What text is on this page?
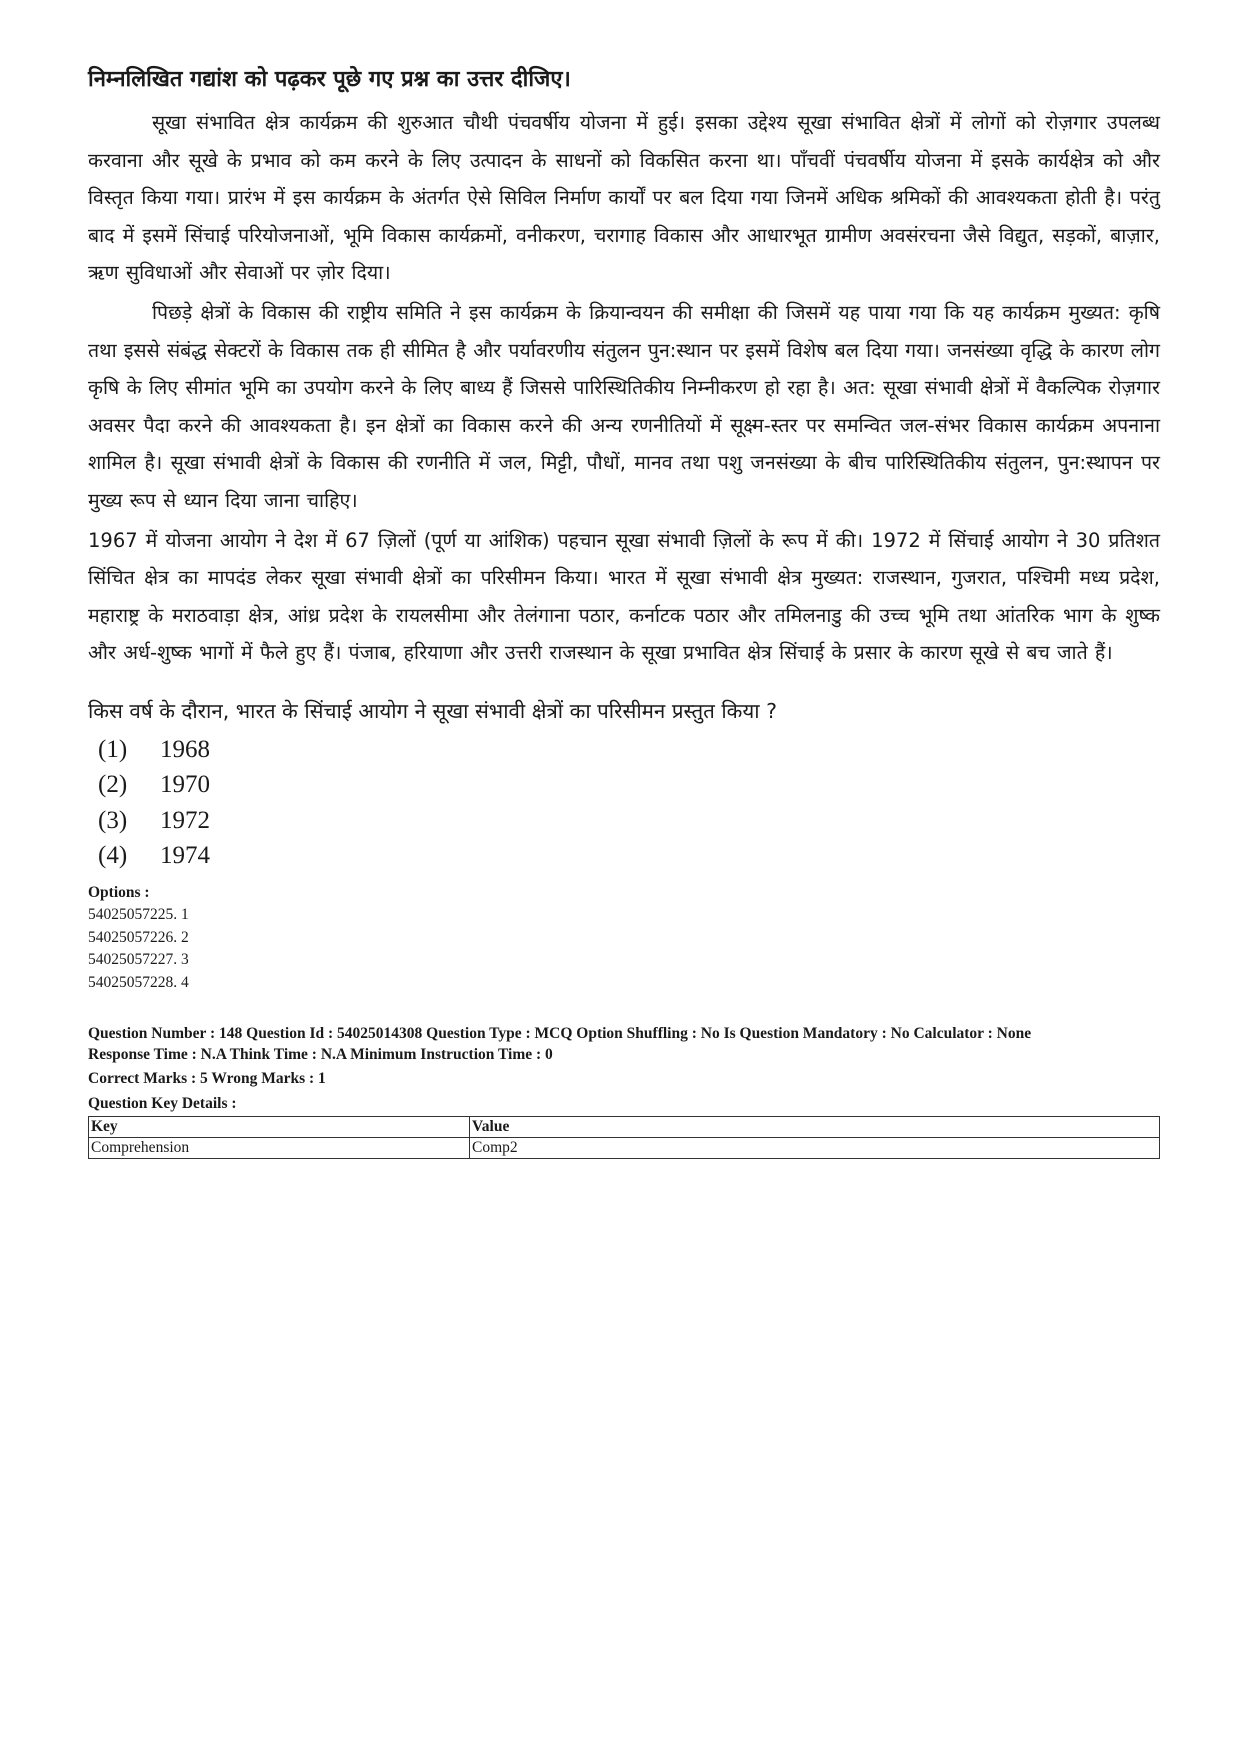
निम्नलिखित गद्यांश को पढ़कर पूछे गए प्रश्न का उत्तर दीजिए।

सूखा संभावित क्षेत्र कार्यक्रम की शुरुआत चौथी पंचवर्षीय योजना में हुई। इसका उद्देश्य सूखा संभावित क्षेत्रों में लोगों को रोज़गार उपलब्ध करवाना और सूखे के प्रभाव को कम करने के लिए उत्पादन के साधनों को विकसित करना था। पाँचवीं पंचवर्षीय योजना में इसके कार्यक्षेत्र को और विस्तृत किया गया। प्रारंभ में इस कार्यक्रम के अंतर्गत ऐसे सिविल निर्माण कार्यों पर बल दिया गया जिनमें अधिक श्रमिकों की आवश्यकता होती है। परंतु बाद में इसमें सिंचाई परियोजनाओं, भूमि विकास कार्यक्रमों, वनीकरण, चरागाह विकास और आधारभूत ग्रामीण अवसंरचना जैसे विद्युत, सड़कों, बाज़ार, ऋण सुविधाओं और सेवाओं पर ज़ोर दिया।

पिछड़े क्षेत्रों के विकास की राष्ट्रीय समिति ने इस कार्यक्रम के क्रियान्वयन की समीक्षा की जिसमें यह पाया गया कि यह कार्यक्रम मुख्यत: कृषि तथा इससे संबंद्ध सेक्टरों के विकास तक ही सीमित है और पर्यावरणीय संतुलन पुन:स्थान पर इसमें विशेष बल दिया गया। जनसंख्या वृद्धि के कारण लोग कृषि के लिए सीमांत भूमि का उपयोग करने के लिए बाध्य हैं जिससे पारिस्थितिकीय निम्नीकरण हो रहा है। अत: सूखा संभावी क्षेत्रों में वैकल्पिक रोज़गार अवसर पैदा करने की आवश्यकता है। इन क्षेत्रों का विकास करने की अन्य रणनीतियों में सूक्ष्म-स्तर पर समन्वित जल-संभर विकास कार्यक्रम अपनाना शामिल है। सूखा संभावी क्षेत्रों के विकास की रणनीति में जल, मिट्टी, पौधों, मानव तथा पशु जनसंख्या के बीच पारिस्थितिकीय संतुलन, पुन:स्थापन पर मुख्य रूप से ध्यान दिया जाना चाहिए।

1967 में योजना आयोग ने देश में 67 ज़िलों (पूर्ण या आंशिक) पहचान सूखा संभावी ज़िलों के रूप में की। 1972 में सिंचाई आयोग ने 30 प्रतिशत सिंचित क्षेत्र का मापदंड लेकर सूखा संभावी क्षेत्रों का परिसीमन किया। भारत में सूखा संभावी क्षेत्र मुख्यत: राजस्थान, गुजरात, पश्चिमी मध्य प्रदेश, महाराष्ट्र के मराठवाड़ा क्षेत्र, आंध्र प्रदेश के रायलसीमा और तेलंगाना पठार, कर्नाटक पठार और तमिलनाडु की उच्च भूमि तथा आंतरिक भाग के शुष्क और अर्ध-शुष्क भागों में फैले हुए हैं। पंजाब, हरियाणा और उत्तरी राजस्थान के सूखा प्रभावित क्षेत्र सिंचाई के प्रसार के कारण सूखे से बच जाते हैं।

किस वर्ष के दौरान, भारत के सिंचाई आयोग ने सूखा संभावी क्षेत्रों का परिसीमन प्रस्तुत किया ?
(1)	1968
(2)	1970
(3)	1972
(4)	1974
Options :
54025057225. 1
54025057226. 2
54025057227. 3
54025057228. 4
Question Number : 148 Question Id : 54025014308 Question Type : MCQ Option Shuffling : No Is Question Mandatory : No Calculator : None
Response Time : N.A Think Time : N.A Minimum Instruction Time : 0
Correct Marks : 5 Wrong Marks : 1
Question Key Details :
Key	Value
Comprehension	Comp2
